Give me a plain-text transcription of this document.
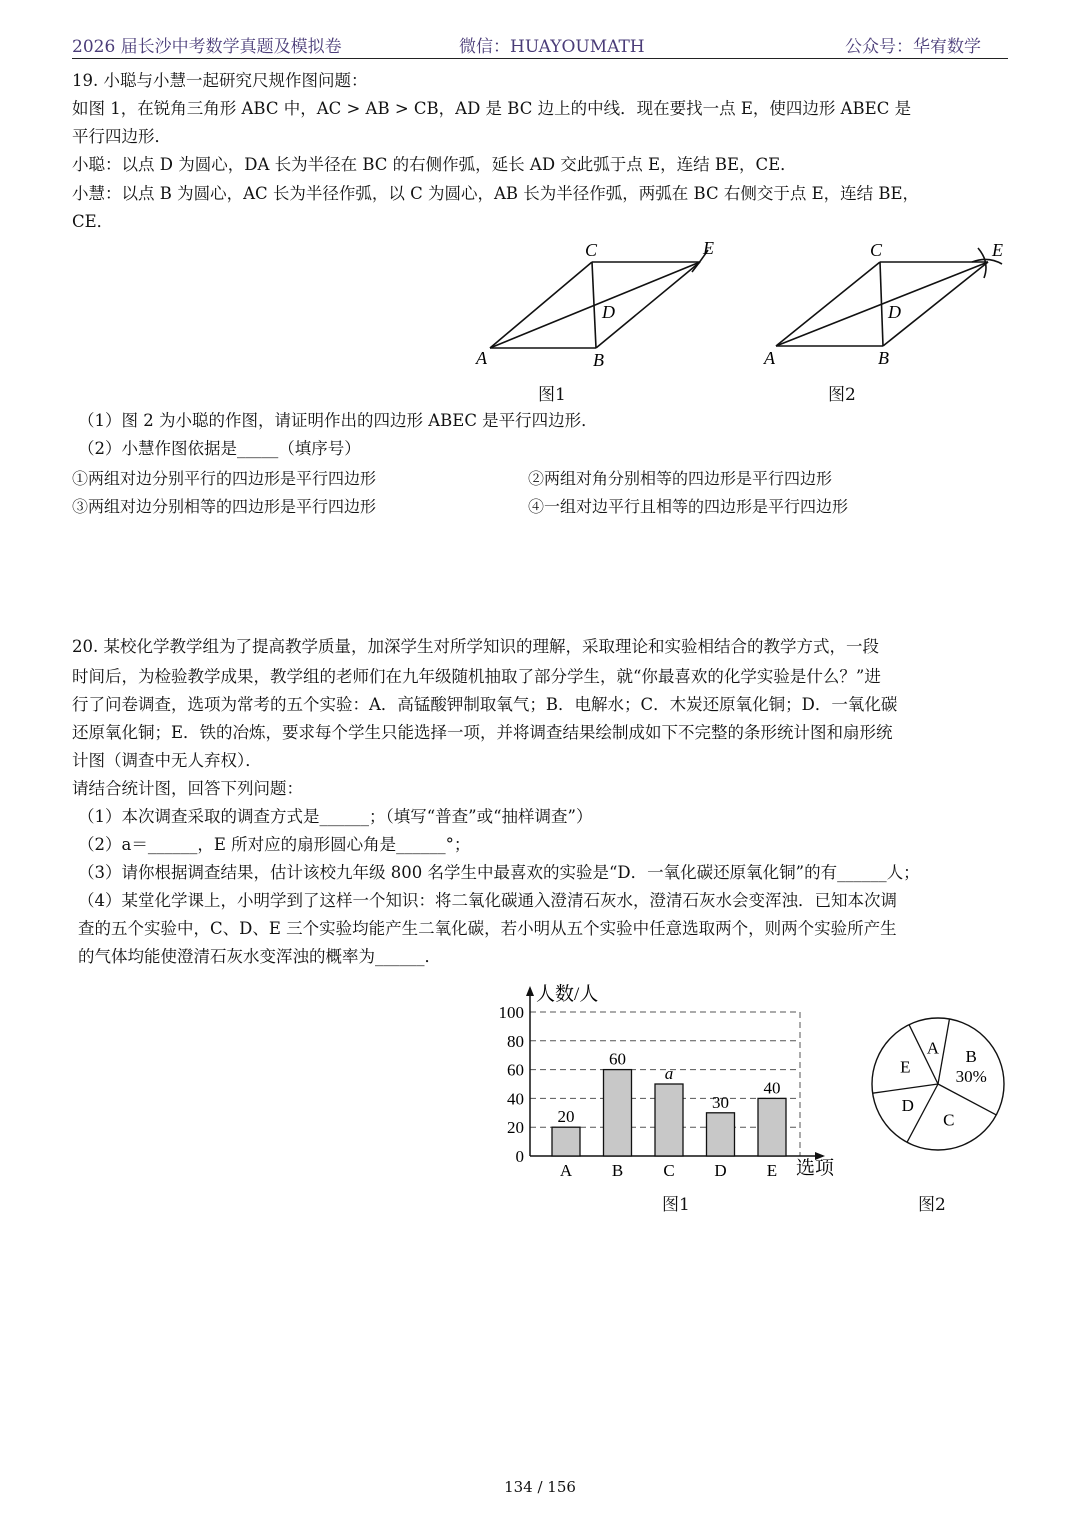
2026 届长沙中考数学真题及模拟卷	微信：HUAYOUMATH	公众号：华宥数学
19. 小聪与小慧一起研究尺规作图问题：
如图 1，在锐角三角形 ABC 中，AC > AB > CB，AD 是 BC 边上的中线．现在要找一点 E，使四边形 ABEC 是
平行四边形．
小聪：以点 D 为圆心，DA 长为半径在 BC 的右侧作弧，延长 AD 交此弧于点 E，连结 BE，CE．
小慧：以点 B 为圆心，AC 长为半径作弧，以 C 为圆心，AB 长为半径作弧，两弧在 BC 右侧交于点 E，连结 BE，
CE．
A	B
C
D
E
A	B
C
D
E
图1	图2
（1）图 2 为小聪的作图，请证明作出的四边形 ABEC 是平行四边形．
（2）小慧作图依据是_____（填序号）
①两组对边分别平行的四边形是平行四边形	②两组对角分别相等的四边形是平行四边形
③两组对边分别相等的四边形是平行四边形	④一组对边平行且相等的四边形是平行四边形
20. 某校化学教学组为了提高教学质量，加深学生对所学知识的理解，采取理论和实验相结合的教学方式，一段
时间后，为检验教学成果，教学组的老师们在九年级随机抽取了部分学生，就“你最喜欢的化学实验是什么？”进
行了问卷调查，选项为常考的五个实验：A．高锰酸钾制取氧气；B．电解水；C．木炭还原氧化铜；D．一氧化碳
还原氧化铜；E．铁的冶炼，要求每个学生只能选择一项，并将调查结果绘制成如下不完整的条形统计图和扇形统
计图（调查中无人弃权）．
请结合统计图，回答下列问题：
（1）本次调查采取的调查方式是______；（填写“普查”或“抽样调查”）
（2）a＝______，E 所对应的扇形圆心角是______°；
（3）请你根据调查结果，估计该校九年级 800 名学生中最喜欢的实验是“D．一氧化碳还原氧化铜”的有______人；
（4）某堂化学课上，小明学到了这样一个知识：将二氧化碳通入澄清石灰水，澄清石灰水会变浑浊．已知本次调
查的五个实验中，C、D、E 三个实验均能产生二氧化碳，若小明从五个实验中任意选取两个，则两个实验所产生
的气体均能使澄清石灰水变浑浊的概率为______．
0
20
40
60
80
100
人数/人
选项
A
20
B
60
C
a
D
30
E
40
图1
B
30%
C
D
E
A
图2
134 / 156
